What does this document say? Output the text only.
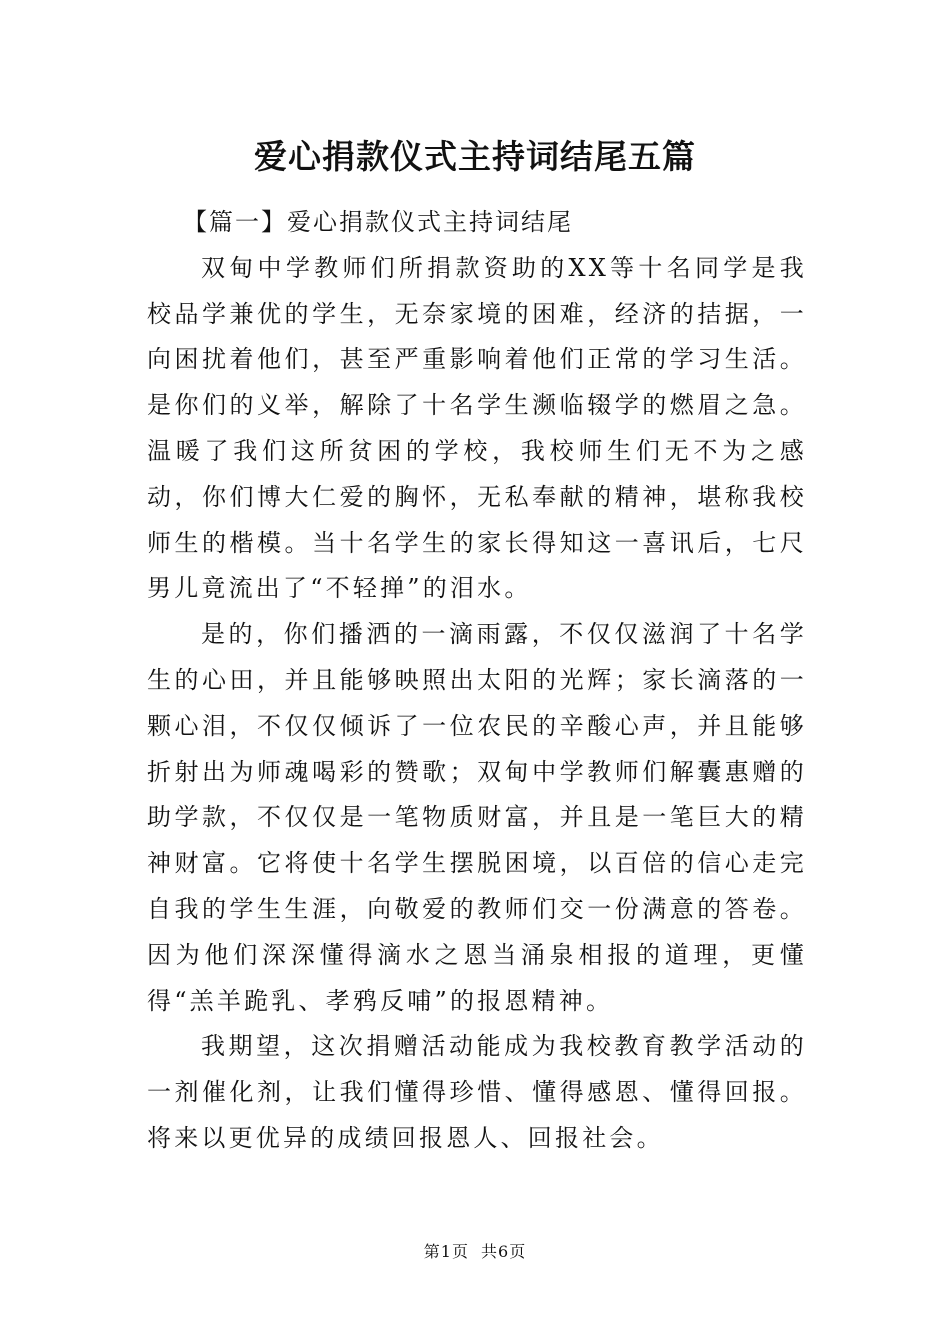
爱心捐款仪式主持词结尾五篇

【篇一】爱心捐款仪式主持词结尾

双甸中学教师们所捐款资助的XX等十名同学是我校品学兼优的学生，无奈家境的困难，经济的拮据，一向困扰着他们，甚至严重影响着他们正常的学习生活。是你们的义举，解除了十名学生濒临辍学的燃眉之急。温暖了我们这所贫困的学校，我校师生们无不为之感动，你们博大仁爱的胸怀，无私奉献的精神，堪称我校师生的楷模。当十名学生的家长得知这一喜讯后，七尺男儿竟流出了“不轻掸”的泪水。

是的，你们播洒的一滴雨露，不仅仅滋润了十名学生的心田，并且能够映照出太阳的光辉；家长滴落的一颗心泪，不仅仅倾诉了一位农民的辛酸心声，并且能够折射出为师魂喝彩的赞歌；双甸中学教师们解囊惠赠的助学款，不仅仅是一笔物质财富，并且是一笔巨大的精神财富。它将使十名学生摆脱困境，以百倍的信心走完自我的学生生涯，向敬爱的教师们交一份满意的答卷。因为他们深深懂得滴水之恩当涌泉相报的道理，更懂得“羔羊跪乳、孝鸦反哺”的报恩精神。

我期望，这次捐赠活动能成为我校教育教学活动的一剂催化剂，让我们懂得珍惜、懂得感恩、懂得回报。将来以更优异的成绩回报恩人、回报社会。

第1页 共6页
